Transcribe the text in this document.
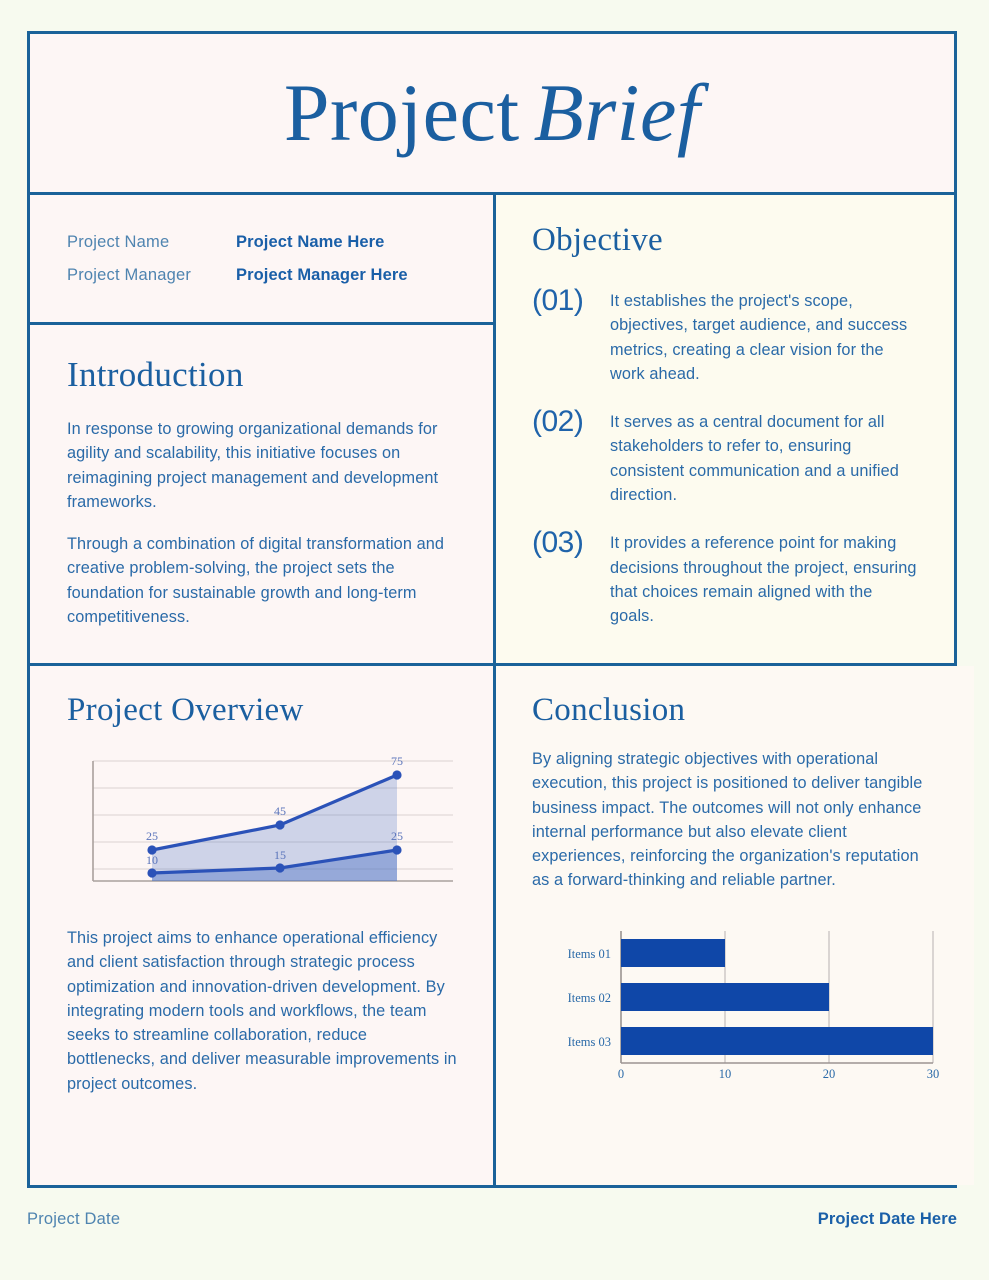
Project Brief
Project Name	Project Name Here
Project Manager	Project Manager Here
Introduction

In response to growing organizational demands for agility and scalability, this initiative focuses on reimagining project management and development frameworks.

Through a combination of digital transformation and creative problem-solving, the project sets the foundation for sustainable growth and long-term competitiveness.

Objective
(01)	It establishes the project's scope, objectives, target audience, and success metrics, creating a clear vision for the work ahead.
(02)	It serves as a central document for all stakeholders to refer to, ensuring consistent communication and a unified direction.
(03)	It provides a reference point for making decisions throughout the project, ensuring that choices remain aligned with the goals.
Project Overview
25
45
75
10	15
25

This project aims to enhance operational efficiency and client satisfaction through strategic process optimization and innovation-driven development. By integrating modern tools and workflows, the team seeks to streamline collaboration, reduce bottlenecks, and deliver measurable improvements in project outcomes.

Conclusion

By aligning strategic objectives with operational execution, this project is positioned to deliver tangible business impact. The outcomes will not only enhance internal performance but also elevate client experiences, reinforcing the organization's reputation as a forward-thinking and reliable partner.

Items 01
Items 02
Items 03
0	10	20	30
Project Date	Project Date Here
